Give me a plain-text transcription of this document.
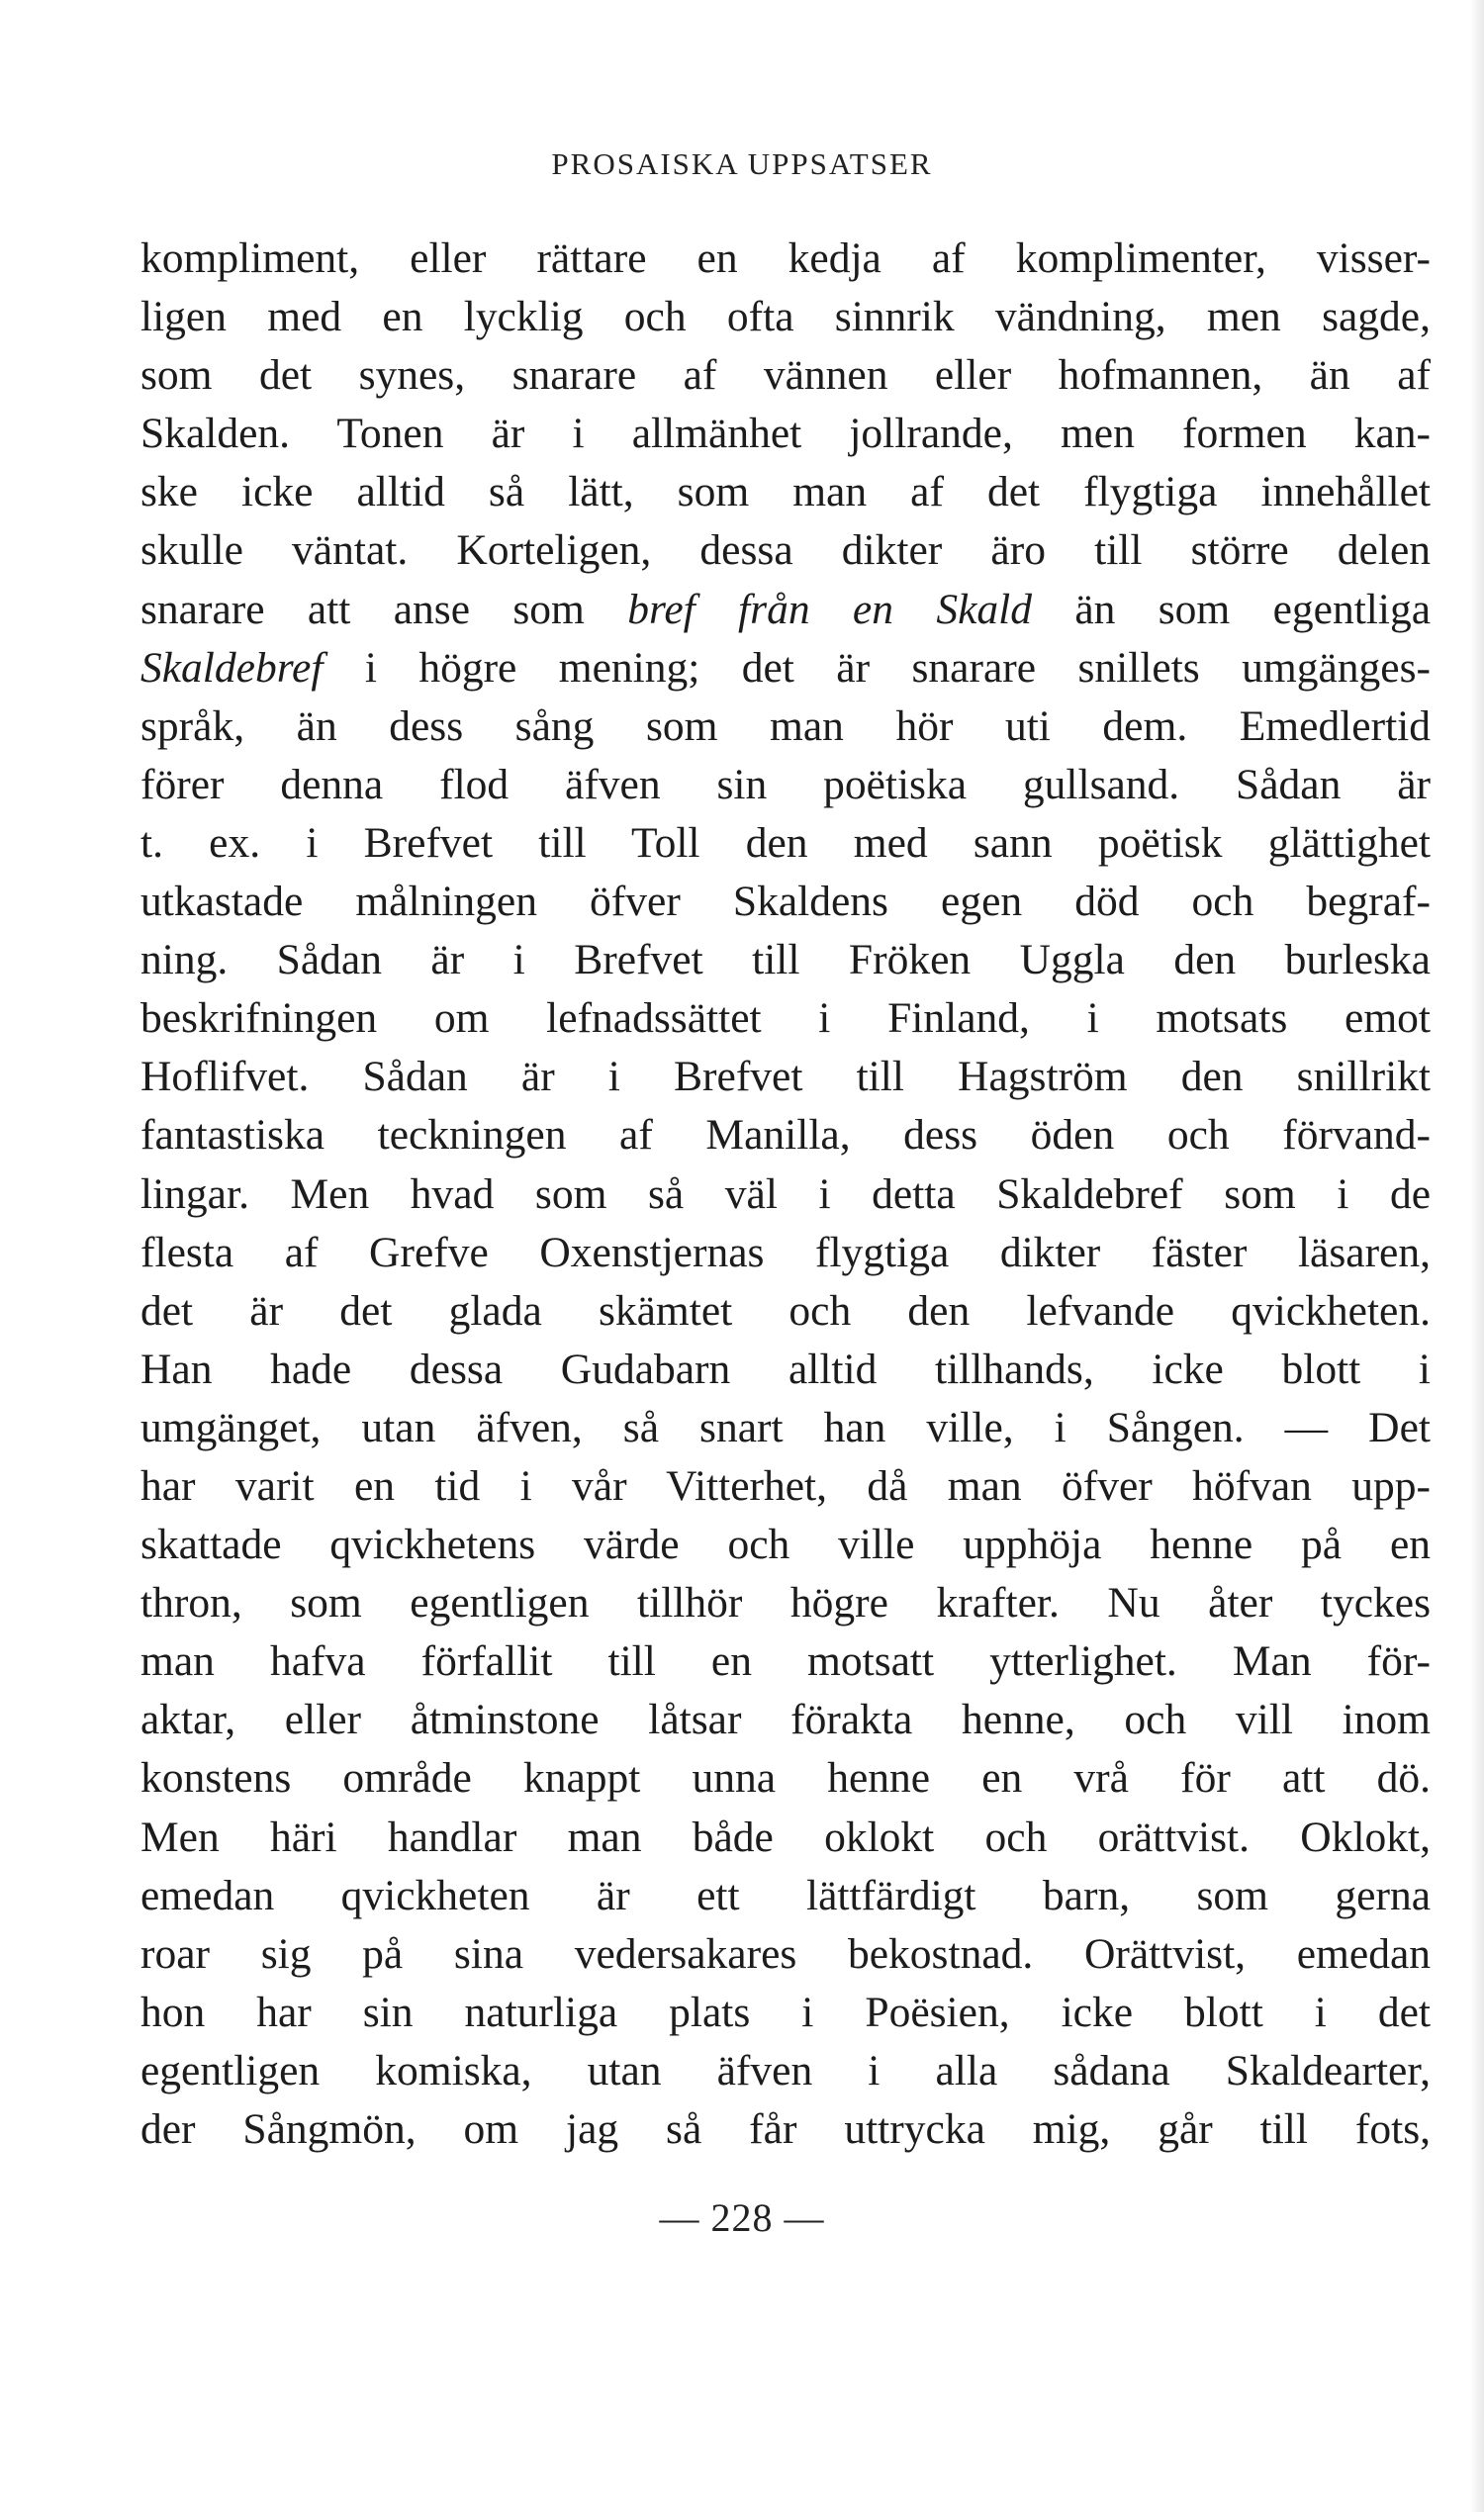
PROSAISKA UPPSATSER
kompliment, eller rättare en kedja af komplimenter, visser-
ligen med en lycklig och ofta sinnrik vändning, men sagde,
som det synes, snarare af vännen eller hofmannen, än af
Skalden. Tonen är i allmänhet jollrande, men formen kan-
ske icke alltid så lätt, som man af det flygtiga innehållet
skulle väntat. Korteligen, dessa dikter äro till större delen
snarare att anse som bref från en Skald än som egentliga
Skaldebref i högre mening; det är snarare snillets umgänges-
språk, än dess sång som man hör uti dem. Emedlertid
förer denna flod äfven sin poëtiska gullsand. Sådan är
t. ex. i Brefvet till Toll den med sann poëtisk glättighet
utkastade målningen öfver Skaldens egen död och begraf-
ning. Sådan är i Brefvet till Fröken Uggla den burleska
beskrifningen om lefnadssättet i Finland, i motsats emot
Hoflifvet. Sådan är i Brefvet till Hagström den snillrikt
fantastiska teckningen af Manilla, dess öden och förvand-
lingar. Men hvad som så väl i detta Skaldebref som i de
flesta af Grefve Oxenstjernas flygtiga dikter fäster läsaren,
det är det glada skämtet och den lefvande qvickheten.
Han hade dessa Gudabarn alltid tillhands, icke blott i
umgänget, utan äfven, så snart han ville, i Sången. — Det
har varit en tid i vår Vitterhet, då man öfver höfvan upp-
skattade qvickhetens värde och ville upphöja henne på en
thron, som egentligen tillhör högre krafter. Nu åter tyckes
man hafva förfallit till en motsatt ytterlighet. Man för-
aktar, eller åtminstone låtsar förakta henne, och vill inom
konstens område knappt unna henne en vrå för att dö.
Men häri handlar man både oklokt och orättvist. Oklokt,
emedan qvickheten är ett lättfärdigt barn, som gerna
roar sig på sina vedersakares bekostnad. Orättvist, emedan
hon har sin naturliga plats i Poësien, icke blott i det
egentligen komiska, utan äfven i alla sådana Skaldearter,
der Sångmön, om jag så får uttrycka mig, går till fots,
— 228 —
